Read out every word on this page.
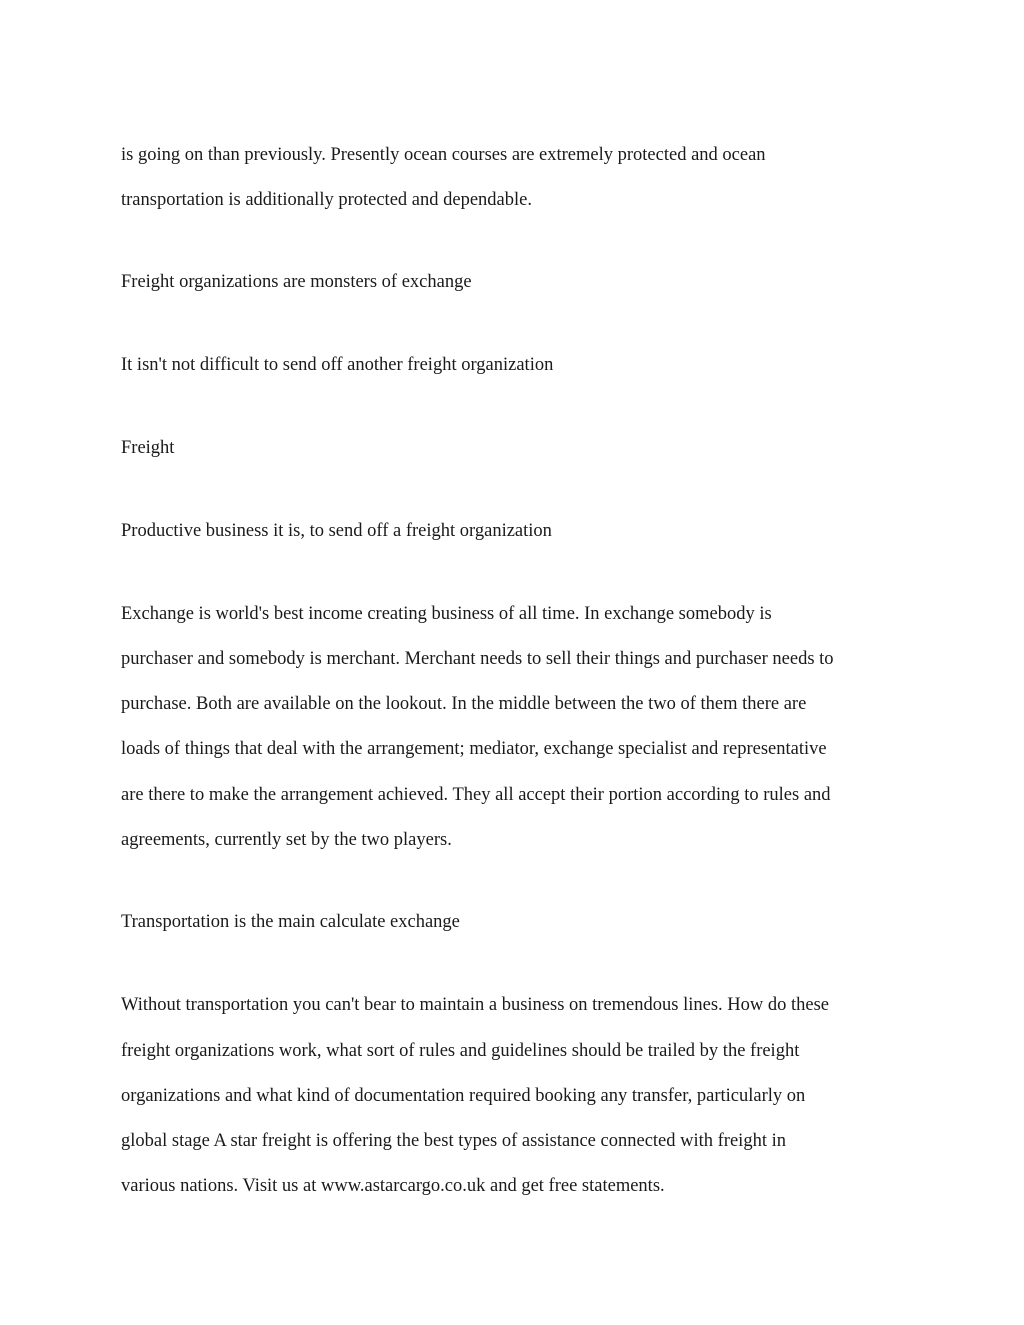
is going on than previously. Presently ocean courses are extremely protected and ocean

transportation is additionally protected and dependable.

Freight organizations are monsters of exchange

It isn't not difficult to send off another freight organization

Freight

Productive business it is, to send off a freight organization

Exchange is world's best income creating business of all time. In exchange somebody is

purchaser and somebody is merchant. Merchant needs to sell their things and purchaser needs to

purchase. Both are available on the lookout. In the middle between the two of them there are

loads of things that deal with the arrangement; mediator, exchange specialist and representative

are there to make the arrangement achieved. They all accept their portion according to rules and

agreements, currently set by the two players.

Transportation is the main calculate exchange

Without transportation you can't bear to maintain a business on tremendous lines. How do these

freight organizations work, what sort of rules and guidelines should be trailed by the freight

organizations and what kind of documentation required booking any transfer, particularly on

global stage A star freight is offering the best types of assistance connected with freight in

various nations. Visit us at www.astarcargo.co.uk and get free statements.
